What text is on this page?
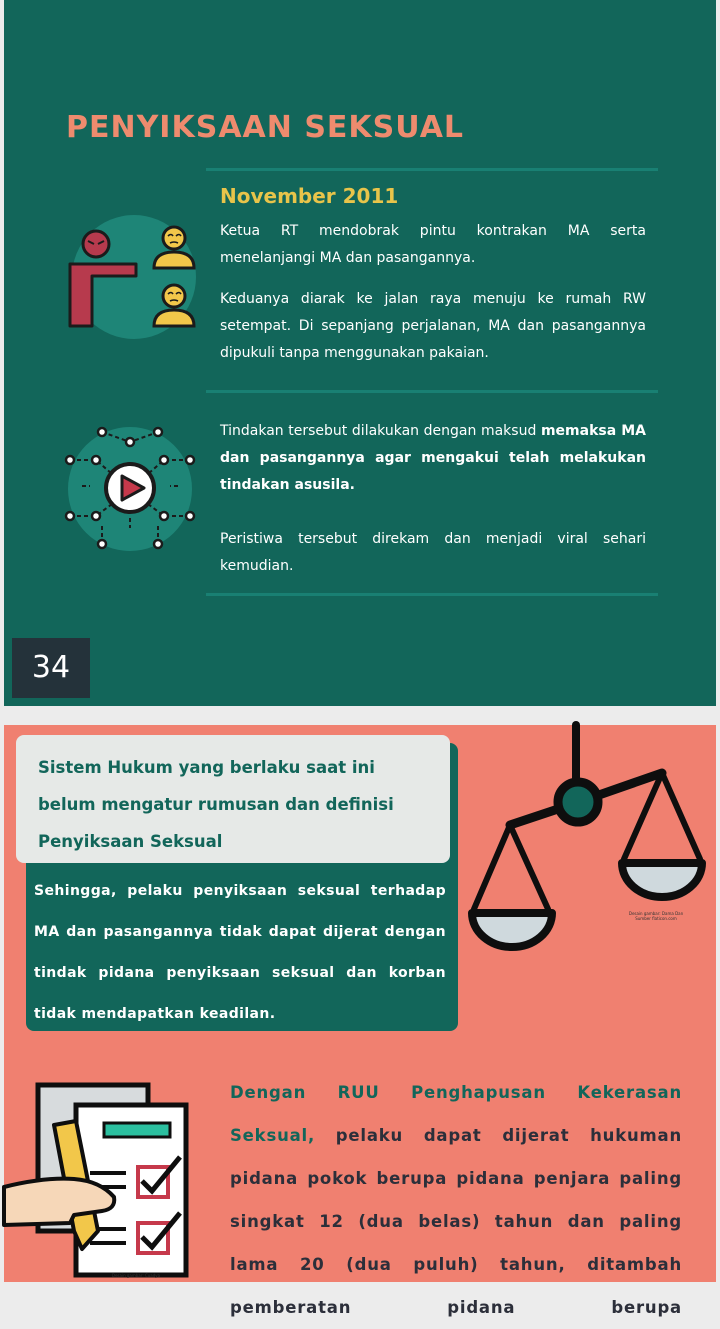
PENYIKSAAN SEKSUAL
November 2011

Ketua RT mendobrak pintu kontrakan MA serta menelanjangi MA dan pasangannya.

Keduanya diarak ke jalan raya menuju ke rumah RW setempat. Di sepanjang perjalanan, MA dan pasangannya dipukuli tanpa menggunakan pakaian.

Tindakan tersebut dilakukan dengan maksud memaksa MA dan pasangannya agar mengakui telah melakukan tindakan asusila.

Peristiwa tersebut direkam dan menjadi viral sehari kemudian.

34

Sistem Hukum yang berlaku saat ini belum mengatur rumusan dan definisi Penyiksaan Seksual

Sehingga, pelaku penyiksaan seksual terhadap MA dan pasangannya tidak dapat dijerat dengan tindak pidana penyiksaan seksual dan korban tidak mendapatkan keadilan.

Desain gambar: Dama Dan Sumber flaticon.com
Desain gambar: Cuadya

Dengan RUU Penghapusan Kekerasan Seksual, pelaku dapat dijerat hukuman pidana pokok berupa pidana penjara paling singkat 12 (dua belas) tahun dan paling lama 20 (dua puluh) tahun, ditambah pemberatan pidana berupa
